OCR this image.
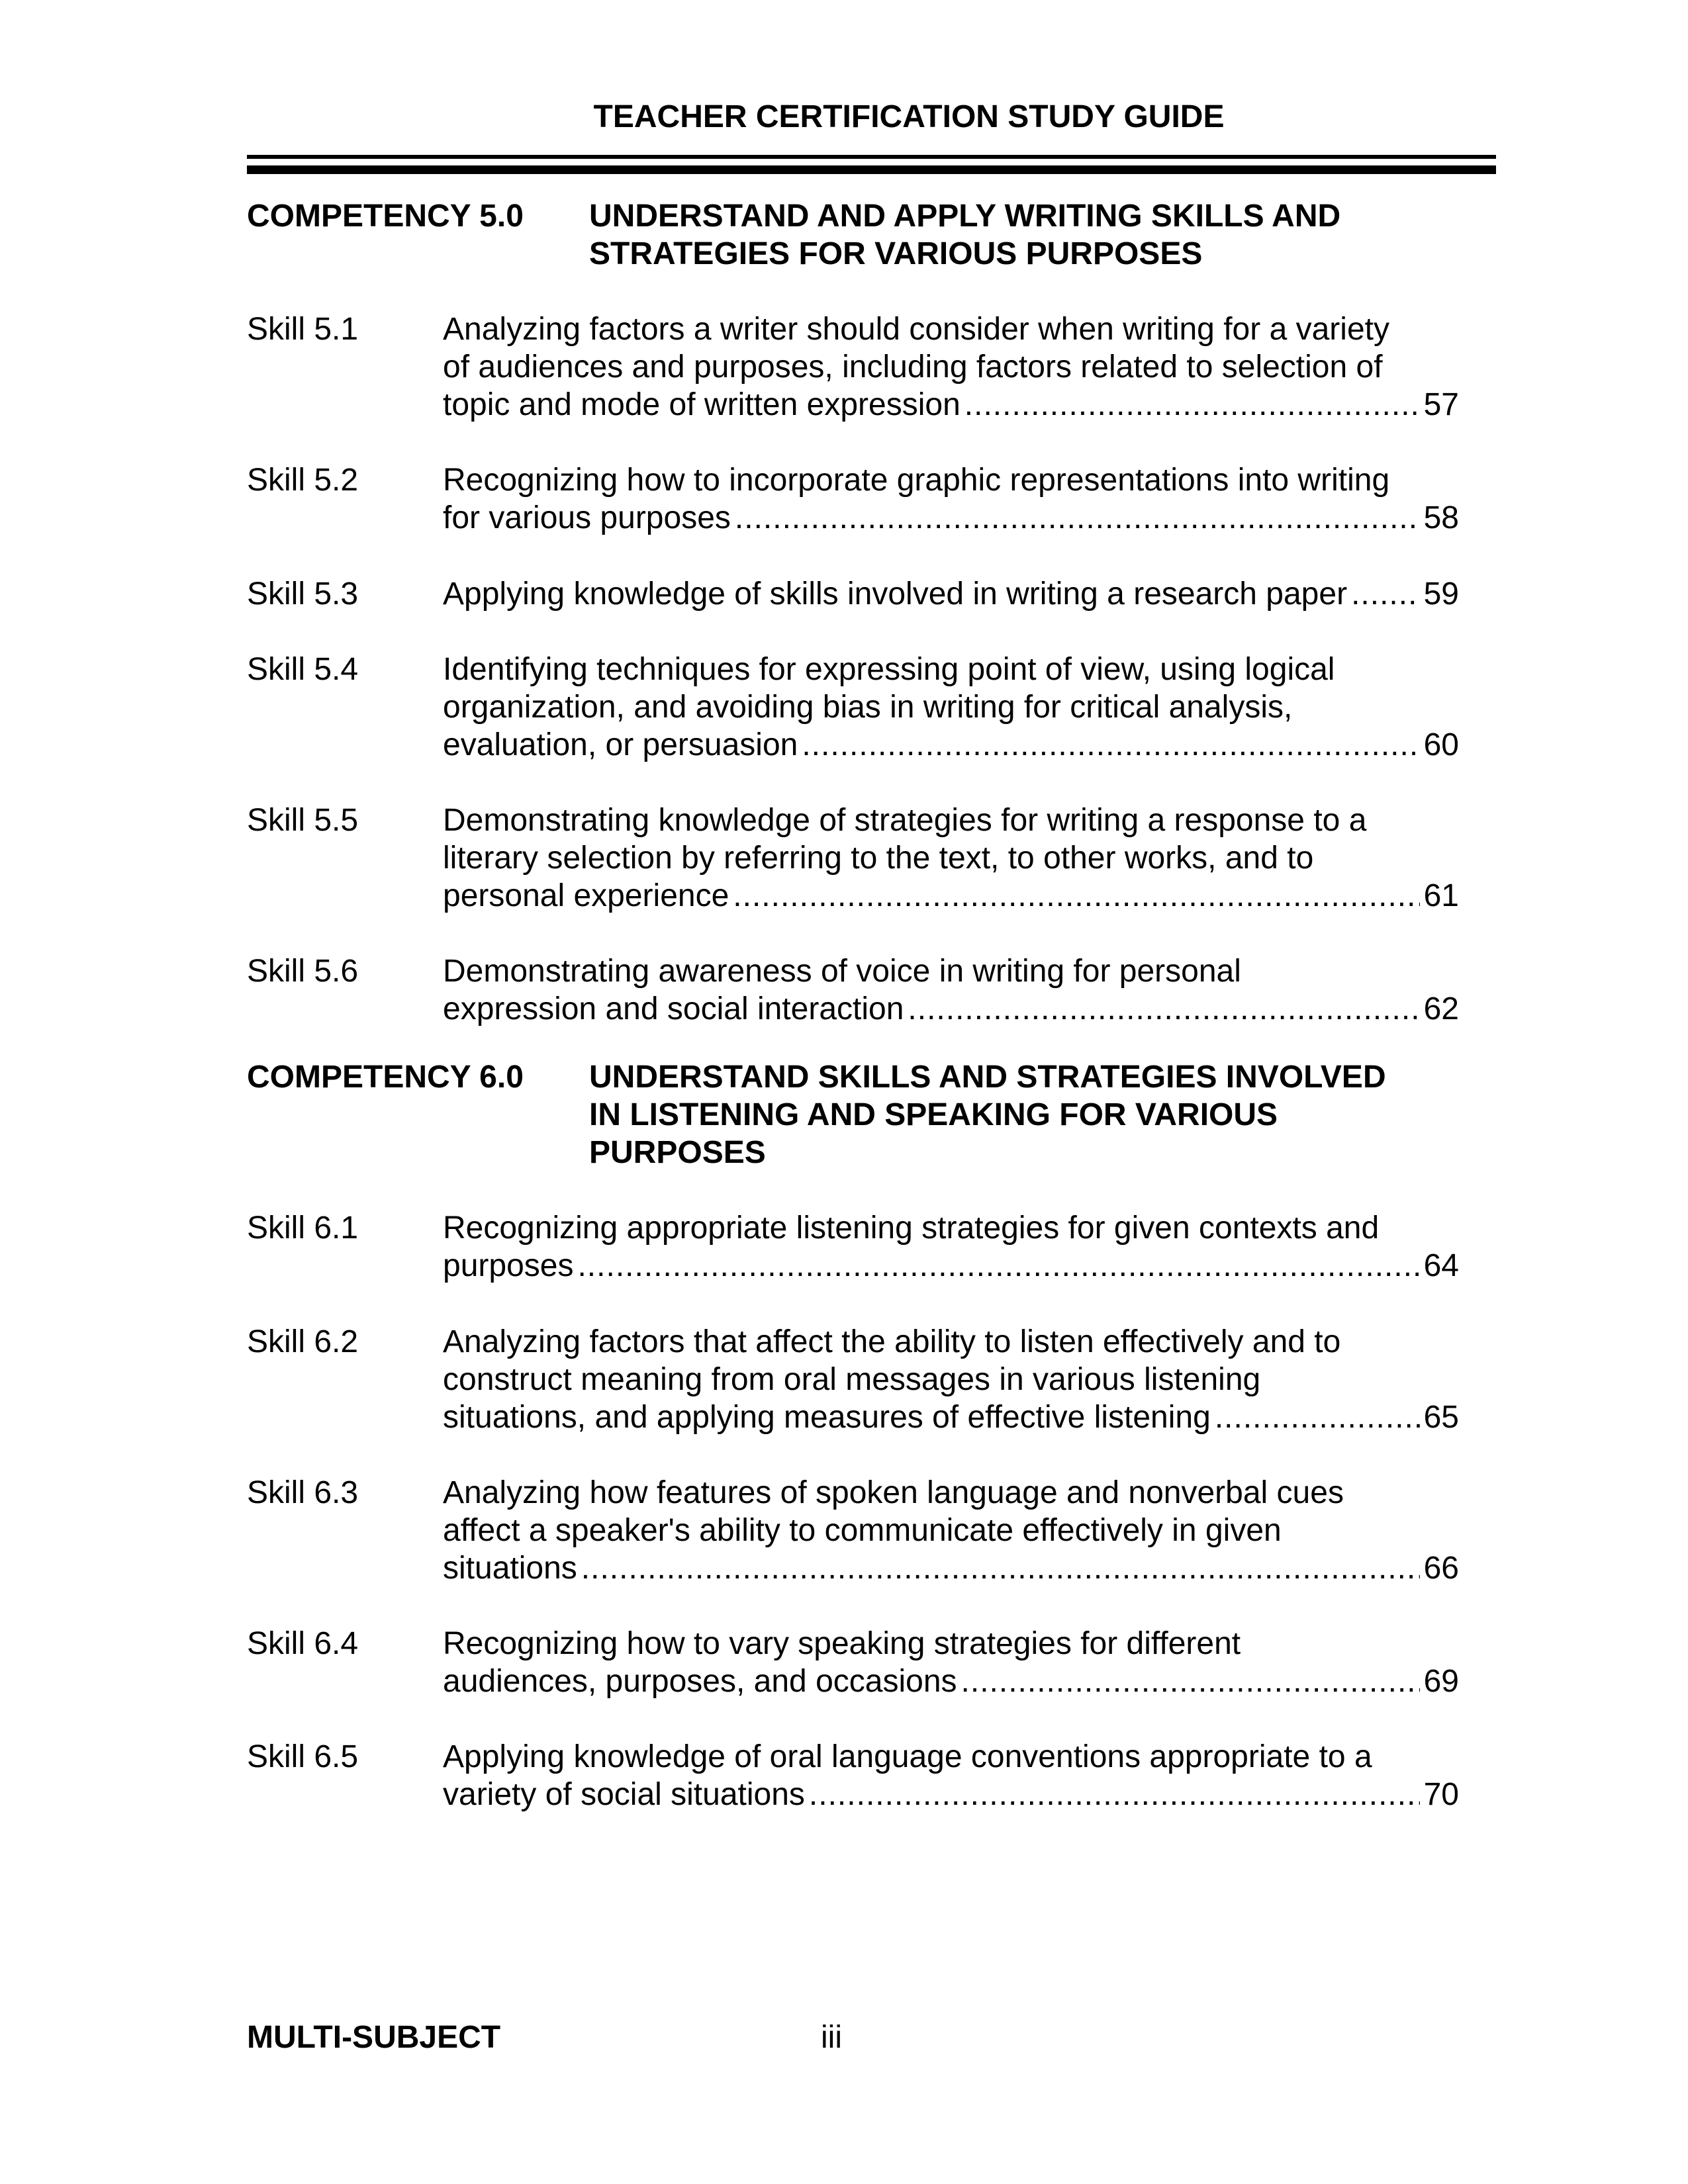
TEACHER CERTIFICATION STUDY GUIDE
COMPETENCY 5.0 UNDERSTAND AND APPLY WRITING SKILLS AND
STRATEGIES FOR VARIOUS PURPOSES
Skill 5.1	Analyzing factors a writer should consider when writing for a variety
of audiences and purposes, including factors related to selection of
topic and mode of written expression .....	57
Skill 5.2	Recognizing how to incorporate graphic representations into writing
for various purposes .....	58
Skill 5.3	Applying knowledge of skills involved in writing a research paper ..... 59
Skill 5.4	Identifying techniques for expressing point of view, using logical
organization, and avoiding bias in writing for critical analysis,
evaluation, or persuasion .....	60
Skill 5.5	Demonstrating knowledge of strategies for writing a response to a
literary selection by referring to the text, to other works, and to
personal experience .....	61
Skill 5.6	Demonstrating awareness of voice in writing for personal
expression and social interaction .....	62
COMPETENCY 6.0 UNDERSTAND SKILLS AND STRATEGIES INVOLVED
IN LISTENING AND SPEAKING FOR VARIOUS
PURPOSES
Skill 6.1	Recognizing appropriate listening strategies for given contexts and
purposes .....	64
Skill 6.2	Analyzing factors that affect the ability to listen effectively and to
construct meaning from oral messages in various listening
situations, and applying measures of effective listening .....	65
Skill 6.3	Analyzing how features of spoken language and nonverbal cues
affect a speaker's ability to communicate effectively in given
situations .....	66
Skill 6.4	Recognizing how to vary speaking strategies for different
audiences, purposes, and occasions .....	69
Skill 6.5	Applying knowledge of oral language conventions appropriate to a
variety of social situations .....	70
MULTI-SUBJECT	iii
